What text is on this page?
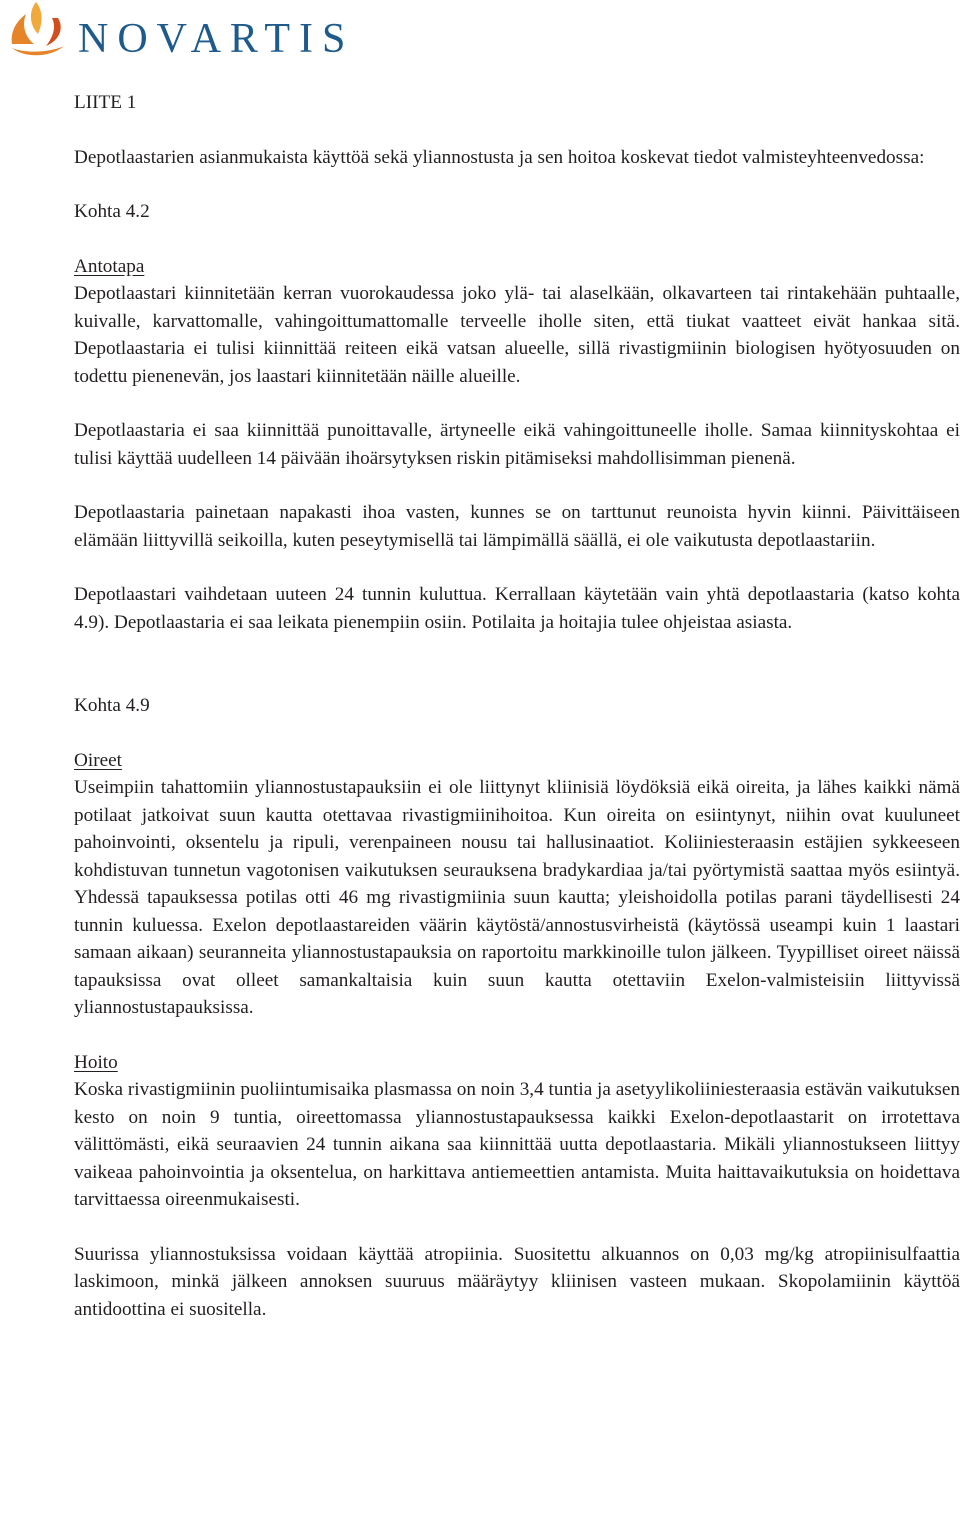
NOVARTIS

LIITE 1

Depotlaastarien asianmukaista käyttöä sekä yliannostusta ja sen hoitoa koskevat tiedot valmisteyhteenvedossa:

Kohta 4.2

Antotapa

Depotlaastari kiinnitetään kerran vuorokaudessa joko ylä- tai alaselkään, olkavarteen tai rintakehään puhtaalle, kuivalle, karvattomalle, vahingoittumattomalle terveelle iholle siten, että tiukat vaatteet eivät hankaa sitä. Depotlaastaria ei tulisi kiinnittää reiteen eikä vatsan alueelle, sillä rivastigmiinin biologisen hyötyosuuden on todettu pienenevän, jos laastari kiinnitetään näille alueille.

Depotlaastaria ei saa kiinnittää punoittavalle, ärtyneelle eikä vahingoittuneelle iholle. Samaa kiinnityskohtaa ei tulisi käyttää uudelleen 14 päivään ihoärsytyksen riskin pitämiseksi mahdollisimman pienenä.

Depotlaastaria painetaan napakasti ihoa vasten, kunnes se on tarttunut reunoista hyvin kiinni. Päivittäiseen elämään liittyvillä seikoilla, kuten peseytymisellä tai lämpimällä säällä, ei ole vaikutusta depotlaastariin.

Depotlaastari vaihdetaan uuteen 24 tunnin kuluttua. Kerrallaan käytetään vain yhtä depotlaastaria (katso kohta 4.9). Depotlaastaria ei saa leikata pienempiin osiin. Potilaita ja hoitajia tulee ohjeistaa asiasta.

Kohta 4.9

Oireet

Useimpiin tahattomiin yliannostustapauksiin ei ole liittynyt kliinisiä löydöksiä eikä oireita, ja lähes kaikki nämä potilaat jatkoivat suun kautta otettavaa rivastigmiinihoitoa. Kun oireita on esiintynyt, niihin ovat kuuluneet pahoinvointi, oksentelu ja ripuli, verenpaineen nousu tai hallusinaatiot. Koliiniesteraasin estäjien sykkeeseen kohdistuvan tunnetun vagotonisen vaikutuksen seurauksena bradykardiaa ja/tai pyörtymistä saattaa myös esiintyä. Yhdessä tapauksessa potilas otti 46 mg rivastigmiinia suun kautta; yleishoidolla potilas parani täydellisesti 24 tunnin kuluessa. Exelon depotlaastareiden väärin käytöstä/annostusvirheistä (käytössä useampi kuin 1 laastari samaan aikaan) seuranneita yliannostustapauksia on raportoitu markkinoille tulon jälkeen. Tyypilliset oireet näissä tapauksissa ovat olleet samankaltaisia kuin suun kautta otettaviin Exelon-valmisteisiin liittyvissä yliannostustapauksissa.

Hoito

Koska rivastigmiinin puoliintumisaika plasmassa on noin 3,4 tuntia ja asetyylikoliiniesteraasia estävän vaikutuksen kesto on noin 9 tuntia, oireettomassa yliannostustapauksessa kaikki Exelon-depotlaastarit on irrotettava välittömästi, eikä seuraavien 24 tunnin aikana saa kiinnittää uutta depotlaastaria. Mikäli yliannostukseen liittyy vaikeaa pahoinvointia ja oksentelua, on harkittava antiemeettien antamista. Muita haittavaikutuksia on hoidettava tarvittaessa oireenmukaisesti.

Suurissa yliannostuksissa voidaan käyttää atropiinia. Suositettu alkuannos on 0,03 mg/kg atropiinisulfaattia laskimoon, minkä jälkeen annoksen suuruus määräytyy kliinisen vasteen mukaan. Skopolamiinin käyttöä antidoottina ei suositella.
